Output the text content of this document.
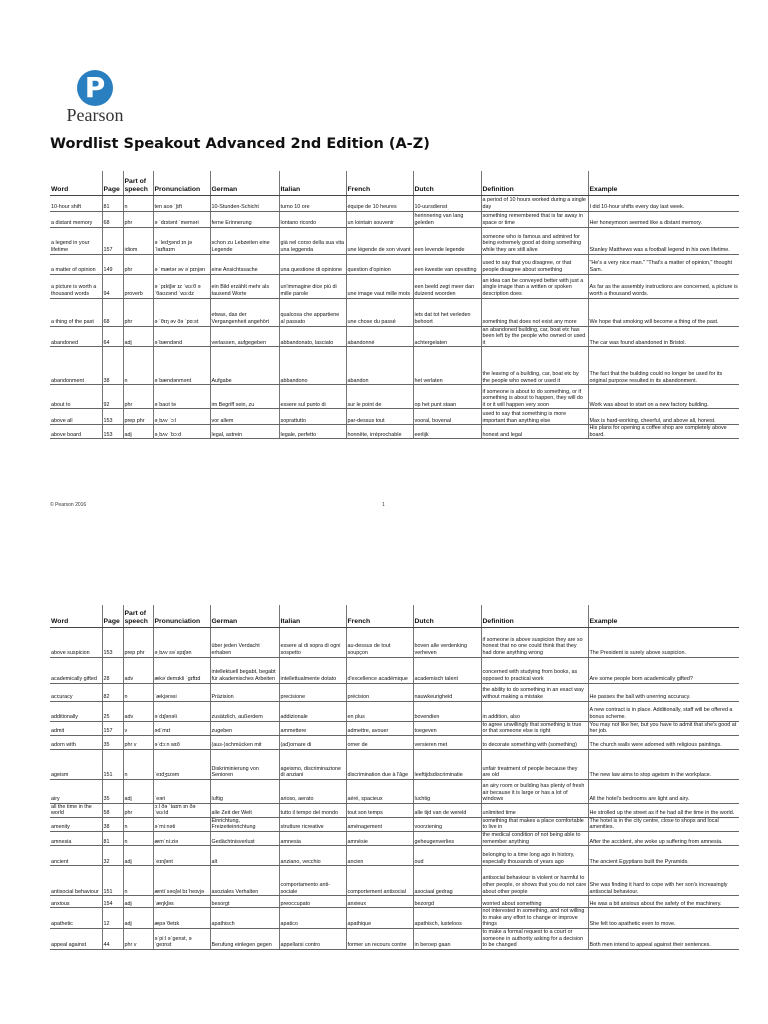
P
Pearson
Wordlist Speakout Advanced 2nd Edition (A-Z)
Word	Page	Part of speech	Pronunciation	German	Italian	French	Dutch	Definition	Example
10-hour shift	81	n	ten aʊə ˈʃɪft	10-Stunden-Schicht	turno 10 ore	équipe de 10 heures	10-uursdienst	a period of 10 hours worked during a single day	I did 10-hour shifts every day last week.
a distant memory	68	phr	ə ˈdɪstənt ˈmeməri	ferne Erinnerung	lontano ricordo	un lointain souvenir	herinnering van lang geleden	something remembered that is far away in space or time	Her honeymoon seemed like a distant memory.
a legend in your lifetime	157	idiom	ə ˈledʒənd ɪn jə ˈlaɪftaɪm	schon zu Lebzeiten eine Legende	già nel corso della sua vita una leggenda	une légende de son vivant	een levende legende	someone who is famous and admired for being extremely good at doing something while they are still alive	Stanley Matthews was a football legend in his own lifetime.
a matter of opinion	149	phr	ə ˈmætər əv əˈpɪnjən	eine Ansichtssache	una questione di opinione	question d'opinion	een kwestie van opvatting	used to say that you disagree, or that people disagree about something	"He's a very nice man." "That's a matter of opinion," thought Sam.
a picture is worth a thousand words	94	proverb	ə ˈpɪktʃər ɪz ˈwɜːθ ə ˈθaʊzənd ˈwɜːdz	ein Bild erzählt mehr als tausend Worte	un'immagine dice più di mille parole	une image vaut mille mots	een beeld zegt meer dan duizend woorden	an idea can be conveyed better with just a single image than a written or spoken description does	As far as the assembly instructions are concerned, a picture is worth a thousand words.
a thing of the past	68	phr	ə ˈθɪŋ əv ðə ˈpɑːst	etwas, das der Vergangenheit angehört	qualcosa che appartiene al passato	une chose du passé	iets dat tot het verleden behoort	something that does not exist any more	We hope that smoking will become a thing of the past.
abandoned	64	adj	əˈbændənd	verlassen, aufgegeben	abbandonato, lasciato	abandonné	achtergelaten	an abandoned building, car, boat etc has been left by the people who owned or used it	The car was found abandoned in Bristol.
abandonment	38	n	əˈbændənmənt	Aufgabe	abbandono	abandon	het verlaten	the leaving of a building, car, boat etc by the people who owned or used it	The fact that the building could no longer be used for its original purpose resulted in its abandonment.
about to	92	phr	əˈbaʊt tə	im Begriff sein, zu	essere sul punto di	sur le point de	op het punt staan	if someone is about to do something, or if something is about to happen, they will do it or it will happen very soon	Work was about to start on a new factory building.
above all	153	prep phr	əˌbʌv ˈɔːl	vor allem	soprattutto	par-dessus tout	vooral, bovenal	used to say that something is more important than anything else	Max is hard-working, cheerful, and above all, honest.
above board	153	adj	əˌbʌv ˈbɔːd	legal, astrein	legale, perfetto	honnête, irréprochable	eerlijk	honest and legal	His plans for opening a coffee shop are completely above board.
© Pearson 2016	1
Word	Page	Part of speech	Pronunciation	German	Italian	French	Dutch	Definition	Example
above suspicion	153	prep phr	əˌbʌv səˈspɪʃən	über jeden Verdacht erhaben	essere al di sopra di ogni sospetto	au-dessus de tout soupçon	boven alle verdenking verheven	if someone is above suspicion they are so honest that no one could think that they had done anything wrong	The President is surely above suspicion.
academically gifted	28	adv	ækəˈdemɪkli ˈɡɪftɪd	intellektuell begabt, begabt für akademisches Arbeiten	intellettualmente dotato	d'excellence académique	academisch talent	concerned with studying from books, as opposed to practical work	Are some people born academically gifted?
accuracy	82	n	ˈækjərəsi	Präzision	precisione	précision	nauwkeurigheid	the ability to do something in an exact way without making a mistake	He passes the ball with unerring accuracy.
additionally	25	adv	əˈdɪʃənəli	zusätzlich, außerdem	addizionale	en plus	bovendien	in addition, also	A new contract is in place. Additionally, staff will be offered a bonus scheme.
admit	157	v	ədˈmɪt	zugeben	ammettere	admettre, avouer	toegeven	to agree unwillingly that something is true or that someone else is right	You may not like her, but you have to admit that she's good at her job.
adorn with	35	phr v	əˈdɔːn wɪð	(aus-)schmücken mit	(ad)ornare di	orner de	versieren met	to decorate something with (something)	The church walls were adorned with religious paintings.
ageism	151	n	ˈeɪdʒɪzəm	Diskriminierung von Senioren	ageismo, discriminazione di anziani	discrimination due à l'âge	leeftijdsdiscriminatie	unfair treatment of people because they are old	The new law aims to stop ageism in the workplace.
airy	35	adj	ˈeəri	luftig	arioso, aerato	aéré, spacieux	luchtig	an airy room or building has plenty of fresh air because it is large or has a lot of windows	All the hotel's bedrooms are light and airy.
all the time in the world	58	phr	ɔːl ðə ˈtaɪm ɪn ðə ˈwɜːld	alle Zeit der Welt	tutto il tempo del mondo	tout son temps	alle tijd van de wereld	unlimited time	He strolled up the street as if he had all the time in the world.
amenity	38	n	əˈmiːnəti	Einrichtung, Freizeiteinrichtung	strutture ricreative	aménagement	voorziening	something that makes a place comfortable to live in	The hotel is in the city centre, close to shops and local amenities.
amnesia	81	n	æmˈniːziə	Gedächtnisverlust	amnesia	amnésie	geheugenverlies	the medical condition of not being able to remember anything	After the accident, she woke up suffering from amnesia.
ancient	32	adj	ˈeɪnʃənt	alt	anziano, vecchio	ancien	oud	belonging to a time long ago in history, especially thousands of years ago	The ancient Egyptians built the Pyramids.
antisocial behaviour	151	n	æntiˈsəʊʃəl bɪˈheɪvjə	asoziales Verhalten	comportamento anti-sociale	comportement antisocial	asociaal gedrag	antisocial behaviour is violent or harmful to other people, or shows that you do not care about other people	She was finding it hard to cope with her son's increasingly antisocial behaviour.
anxious	154	adj	ˈæŋkʃəs	besorgt	preoccupato	anxieux	bezorgd	worried about something	He was a bit anxious about the safety of the machinery.
apathetic	12	adj	æpəˈθetɪk	apathisch	apatico	apathique	apathisch, lusteloos	not interested in something, and not willing to make any effort to change or improve things	She felt too apathetic even to move.
appeal against	44	phr v	əˈpiːl əˈɡenst, əˈɡeɪnst	Berufung einlegen gegen	appellarsi contro	former un recours contre	in beroep gaan	to make a formal request to a court or someone in authority asking for a decision to be changed	Both men intend to appeal against their sentences.
